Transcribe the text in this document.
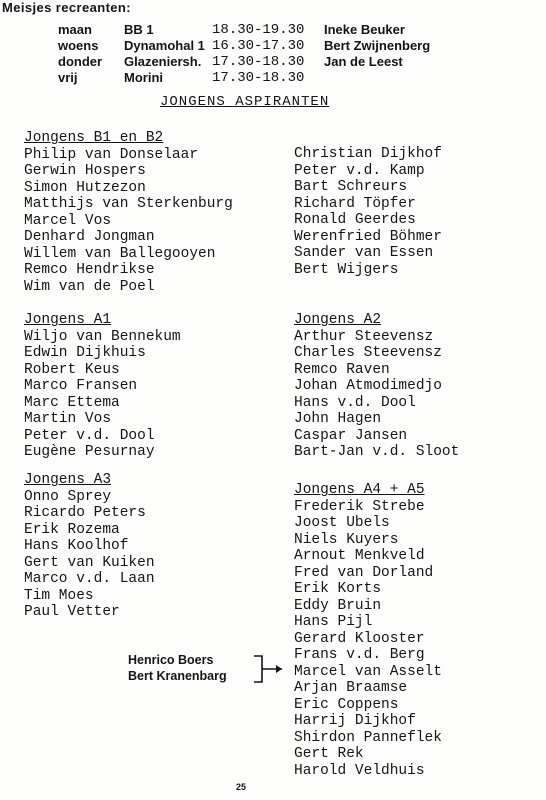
Meisjes recreanten:
maan	BB 1	18.30-19.30 Ineke Beuker
woens	Dynamohal 1 16.30-17.30 Bert Zwijnenberg
donder	Glazeniersh. 17.30-18.30 Jan de Leest
vrij	Morini	17.30-18.30
JONGENS ASPIRANTEN
Jongens B1 en B2
Philip van Donselaar
Gerwin Hospers
Simon Hutzezon
Matthijs van Sterkenburg
Marcel Vos
Denhard Jongman
Willem van Ballegooyen
Remco Hendrikse
Wim van de Poel
Christian Dijkhof
Peter v.d. Kamp
Bart Schreurs
Richard Töpfer
Ronald Geerdes
Werenfried Böhmer
Sander van Essen
Bert Wijgers
Jongens A1
Wiljo van Bennekum
Edwin Dijkhuis
Robert Keus
Marco Fransen
Marc Ettema
Martin Vos
Peter v.d. Dool
Eugène Pesurnay
Jongens A2
Arthur Steevensz
Charles Steevensz
Remco Raven
Johan Atmodimedjo
Hans v.d. Dool
John Hagen
Caspar Jansen
Bart-Jan v.d. Sloot
Jongens A3
Onno Sprey
Ricardo Peters
Erik Rozema
Hans Koolhof
Gert van Kuiken
Marco v.d. Laan
Tim Moes
Paul Vetter
Jongens A4 + A5
Frederik Strebe
Joost Ubels
Niels Kuyers
Arnout Menkveld
Fred van Dorland
Erik Korts
Eddy Bruin
Hans Pijl
Gerard Klooster
Frans v.d. Berg
Marcel van Asselt
Arjan Braamse
Eric Coppens
Harrij Dijkhof
Shirdon Panneflek
Gert Rek
Harold Veldhuis
Henrico Boers
Bert Kranenbarg
25
